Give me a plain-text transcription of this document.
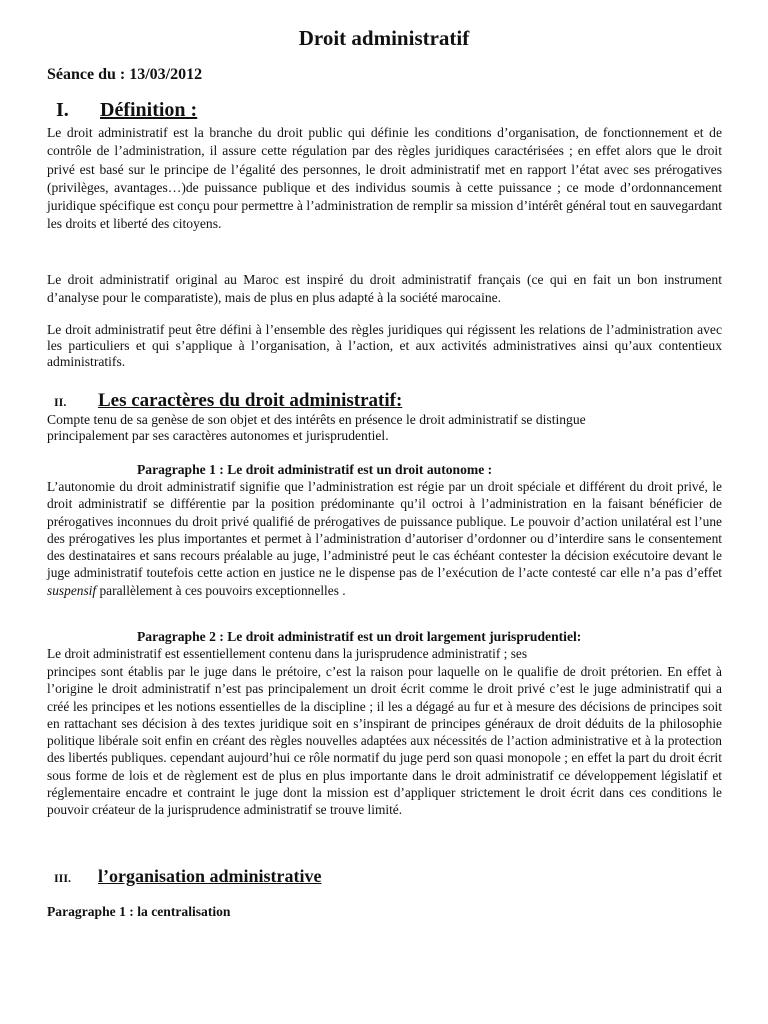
Droit administratif
Séance du : 13/03/2012
I. Définition :
Le droit administratif est la branche du droit public qui définie les conditions d’organisation, de fonctionnement et de contrôle de l’administration, il assure cette régulation par des règles juridiques caractérisées ; en effet alors que le droit privé est basé sur le principe de l’égalité des personnes, le droit administratif met en rapport l’état avec ses prérogatives (privilèges, avantages…)de puissance publique et des individus soumis à cette puissance ; ce mode d’ordonnancement juridique spécifique est conçu pour permettre à l’administration de remplir sa mission d’intérêt général tout en sauvegardant les droits et liberté des citoyens.
Le droit administratif original au Maroc est inspiré du droit administratif français (ce qui en fait un bon instrument d’analyse pour le comparatiste), mais de plus en plus adapté à la société marocaine.
Le droit administratif peut être défini à l’ensemble des règles juridiques qui régissent les relations de l’administration avec les particuliers et qui s’applique à l’organisation, à l’action, et aux activités administratives ainsi qu’aux contentieux administratifs.
II. Les caractères du droit administratif:
Compte tenu de sa genèse de son objet et des intérêts en présence le droit administratif se distingue principalement par ses caractères autonomes et jurisprudentiel.
Paragraphe 1 : Le droit administratif est un droit autonome :
L’autonomie du droit administratif signifie que l’administration est régie par un droit spéciale et différent du droit privé, le droit administratif se différentie par la position prédominante qu’il octroi à l’administration en la faisant bénéficier de prérogatives inconnues du droit privé qualifié de prérogatives de puissance publique. Le pouvoir d’action unilatéral est l’une des prérogatives les plus importantes et permet à l’administration d’autoriser d’ordonner ou d’interdire sans le consentement des destinataires et sans recours préalable au juge, l’administré peut le cas échéant contester la décision exécutoire devant le juge administratif toutefois cette action en justice ne le dispense pas de l’exécution de l’acte contesté car elle n’a pas d’effet suspensif parallèlement à ces pouvoirs exceptionnelles .
Paragraphe 2 : Le droit administratif est un droit largement jurisprudentiel:
Le droit administratif est essentiellement contenu dans la jurisprudence administratif ; ses
principes sont établis par le juge dans le prétoire, c’est la raison pour laquelle on le qualifie de droit prétorien. En effet à l’origine le droit administratif n’est pas principalement un droit écrit comme le droit privé c’est le juge administratif qui a créé les principes et les notions essentielles de la discipline ; il les a dégagé au fur et à mesure des décisions de principes soit en rattachant ses décision à des textes juridique soit en s’inspirant de principes généraux de droit déduits de la philosophie politique libérale soit enfin en créant des règles nouvelles adaptées aux nécessités de l’action administrative et à la protection des libertés publiques. cependant aujourd’hui ce rôle normatif du juge perd son quasi monopole ; en effet la part du droit écrit sous forme de lois et de règlement est de plus en plus importante dans le droit administratif ce développement législatif et réglementaire encadre et contraint le juge dont la mission est d’appliquer strictement le droit écrit dans ces conditions le pouvoir créateur de la jurisprudence administratif se trouve limité.
III. l’organisation administrative
Paragraphe 1 : la centralisation
